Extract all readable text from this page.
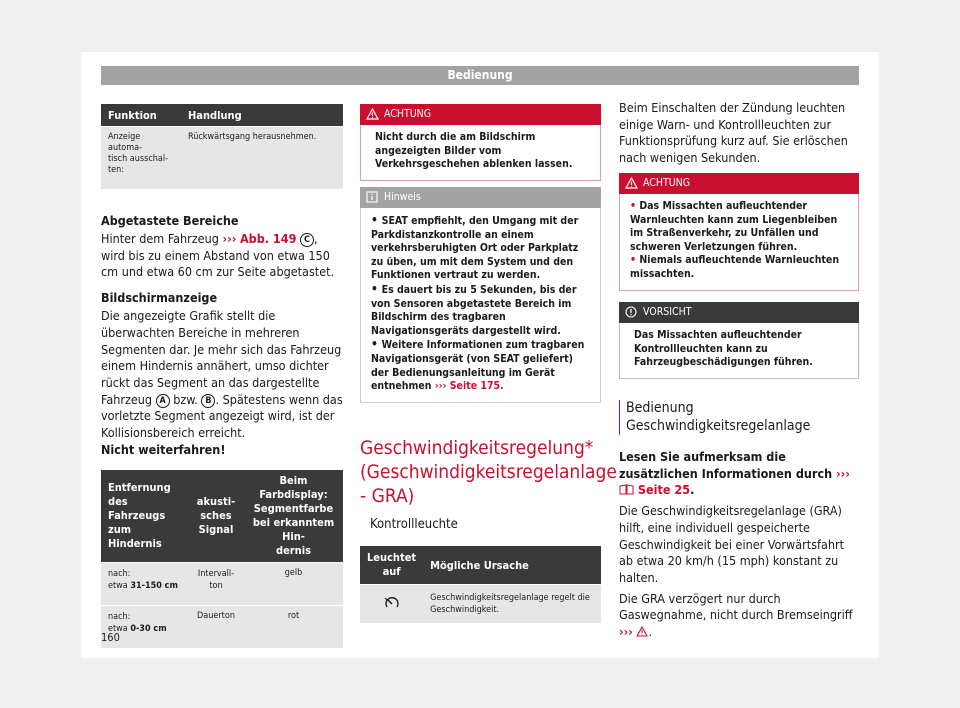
Bedienung
Funktion	Handlung
Anzeige automa-
tisch ausschal-
ten:	Rückwärtsgang herausnehmen.

Abgetastete Bereiche

Hinter dem Fahrzeug ››› Abb. 149 C , wird bis zu einem Abstand von etwa 150 cm und etwa 60 cm zur Seite abgetastet.

Bildschirmanzeige

Die angezeigte Grafik stellt die überwachten Bereiche in mehreren Segmenten dar. Je mehr sich das Fahrzeug einem Hindernis annähert, umso dichter rückt das Segment an das dargestellte Fahrzeug A bzw. B . Spätestens wenn das vorletzte Segment angezeigt wird, ist der Kollisionsbereich erreicht.
Nicht weiterfahren!

Entfernung des Fahrzeugs zum Hindernis	akusti-
sches
Signal	Beim Farbdisplay: Segmentfarbe bei erkanntem Hin-
dernis
nach:
etwa 31-150 cm	Intervall-
ton	gelb
nach:
etwa 0-30 cm	Dauerton	rot
ACHTUNG
Nicht durch die am Bildschirm angezeigten Bilder vom Verkehrsgeschehen ablenken lassen.
Hinweis

• SEAT empfiehlt, den Umgang mit der Parkdistanzkontrolle an einem verkehrsberuhigten Ort oder Parkplatz zu üben, um mit dem System und den Funktionen vertraut zu werden.

• Es dauert bis zu 5 Sekunden, bis der von Sensoren abgetastete Bereich im Bildschirm des tragbaren Navigationsgeräts dargestellt wird.

• Weitere Informationen zum tragbaren Navigationsgerät (von SEAT geliefert) der Bedienungsanleitung im Gerät entnehmen ››› Seite 175.

Geschwindigkeitsregelung* (Geschwindigkeitsregelanlage - GRA)

Kontrollleuchte

Leuchtet auf	Mögliche Ursache
	Geschwindigkeitsregelanlage regelt die Geschwindigkeit.

Beim Einschalten der Zündung leuchten einige Warn- und Kontrollleuchten zur Funktionsprüfung kurz auf. Sie erlöschen nach wenigen Sekunden.

ACHTUNG

• Das Missachten aufleuchtender Warnleuchten kann zum Liegenbleiben im Straßenverkehr, zu Unfällen und schweren Verletzungen führen.

• Niemals aufleuchtende Warnleuchten missachten.

VORSICHT
Das Missachten aufleuchtender Kontrollleuchten kann zu Fahrzeugbeschädigungen führen.

Bedienung Geschwindigkeitsregelanlage

Lesen Sie aufmerksam die zusätzlichen Informationen durch ›››  Seite 25.

Die Geschwindigkeitsregelanlage (GRA) hilft, eine individuell gespeicherte Geschwindigkeit bei einer Vorwärtsfahrt ab etwa 20 km/h (15 mph) konstant zu halten.

Die GRA verzögert nur durch Gaswegnahme, nicht durch Bremseingriff ››› .

160
